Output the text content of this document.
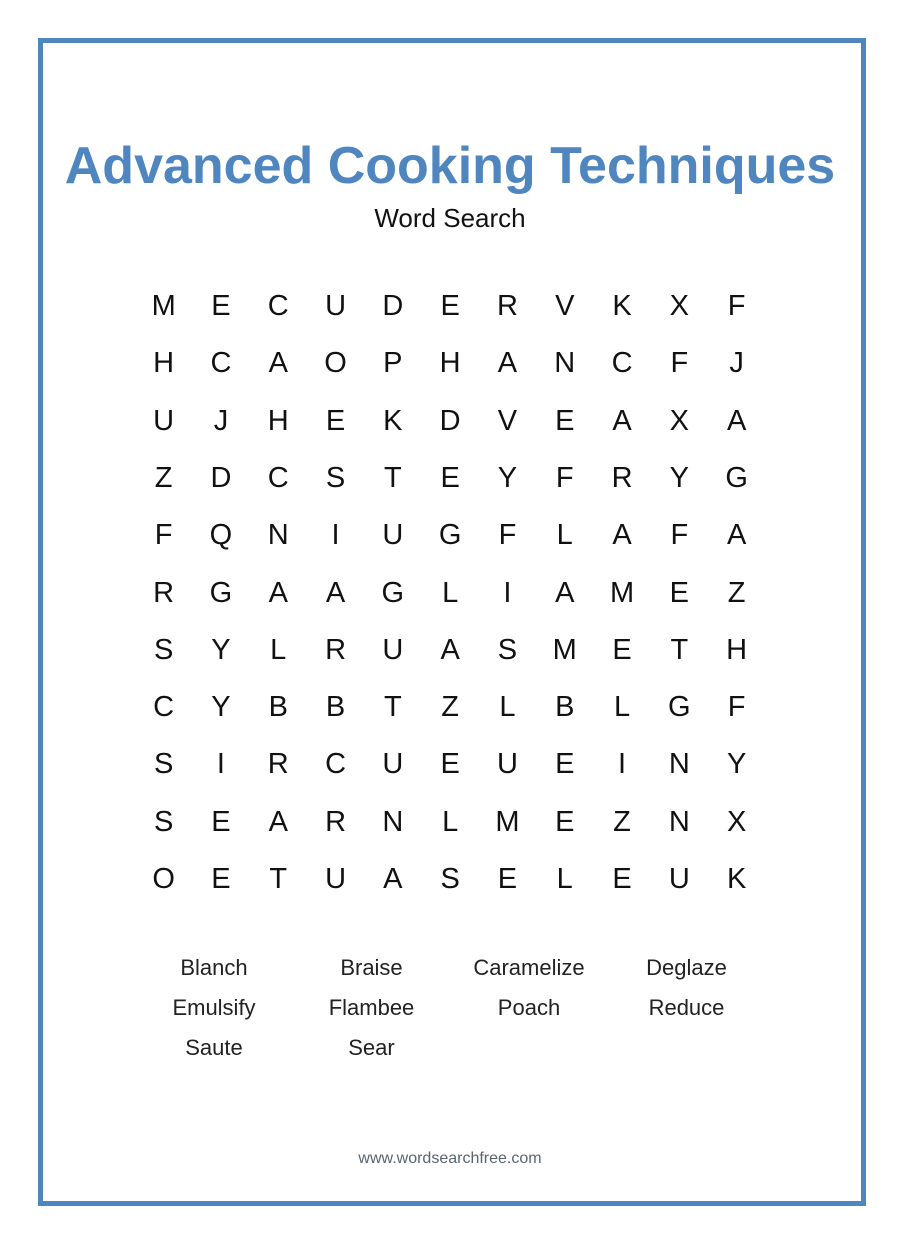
Advanced Cooking Techniques
Word Search
M	E	C	U	D	E	R	V	K	X	F
H	C	A	O	P	H	A	N	C	F	J
U	J	H	E	K	D	V	E	A	X	A
Z	D	C	S	T	E	Y	F	R	Y	G
F	Q	N	I	U	G	F	L	A	F	A
R	G	A	A	G	L	I	A	M	E	Z
S	Y	L	R	U	A	S	M	E	T	H
C	Y	B	B	T	Z	L	B	L	G	F
S	I	R	C	U	E	U	E	I	N	Y
S	E	A	R	N	L	M	E	Z	N	X
O	E	T	U	A	S	E	L	E	U	K
Blanch	Braise	Caramelize	Deglaze
Emulsify	Flambee	Poach	Reduce
Saute	Sear
www.wordsearchfree.com
